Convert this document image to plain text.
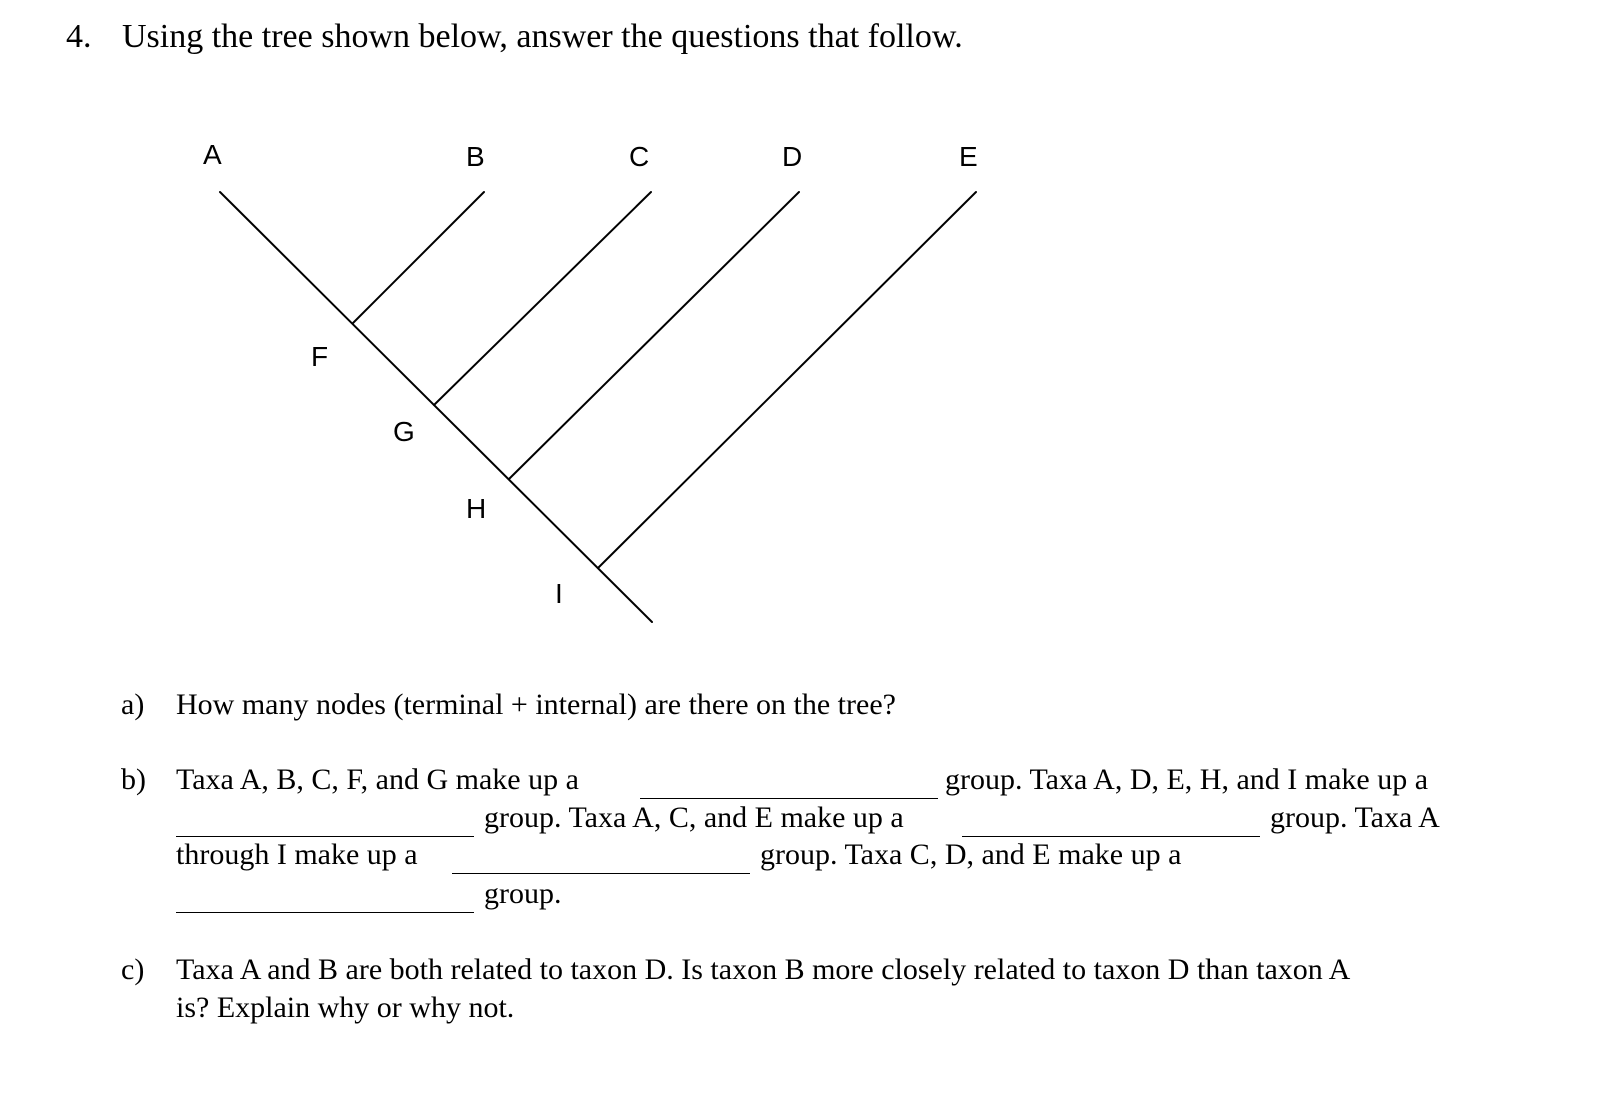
4. Using the tree shown below, answer the questions that follow.
A	B	C	D	E
F
G
H
I
a) How many nodes (terminal + internal) are there on the tree?
b) Taxa A, B, C, F, and G make up a	group. Taxa A, D, E, H, and I make up a
group. Taxa A, C, and E make up a	group. Taxa A
through I make up a	group. Taxa C, D, and E make up a
group.
c) Taxa A and B are both related to taxon D. Is taxon B more closely related to taxon D than taxon A
is? Explain why or why not.
